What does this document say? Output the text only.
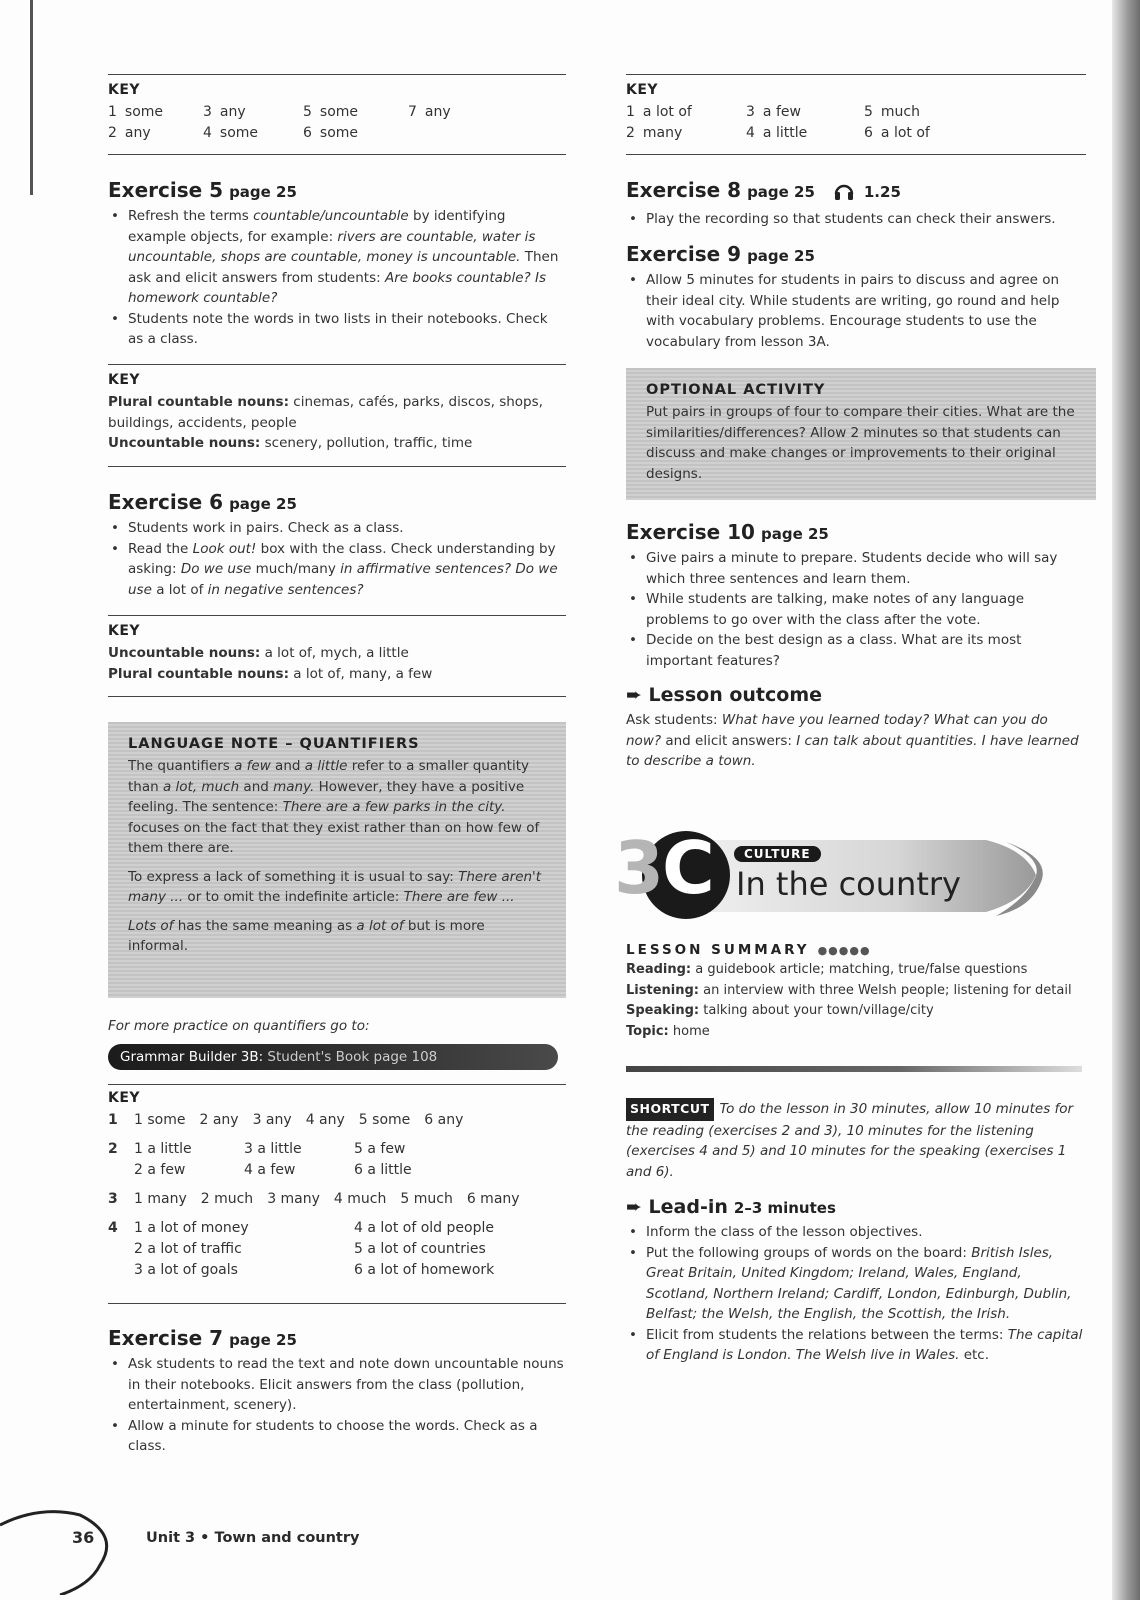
KEY
1 some	3 any	5 some	7 any
2 any	4 some	6 some
Exercise 5 page 25
• Refresh the terms countable/uncountable by identifying example objects, for example: rivers are countable, water is uncountable, shops are countable, money is uncountable. Then ask and elicit answers from students: Are books countable? Is homework countable?
• Students note the words in two lists in their notebooks. Check as a class.
KEY
Plural countable nouns: cinemas, cafés, parks, discos, shops, buildings, accidents, people
Uncountable nouns: scenery, pollution, traffic, time
Exercise 6 page 25
• Students work in pairs. Check as a class.
• Read the Look out! box with the class. Check understanding by asking: Do we use much/many in affirmative sentences? Do we use a lot of in negative sentences?
KEY
Uncountable nouns: a lot of, mych, a little
Plural countable nouns: a lot of, many, a few
LANGUAGE NOTE – QUANTIFIERS
The quantifiers a few and a little refer to a smaller quantity than a lot, much and many. However, they have a positive feeling. The sentence: There are a few parks in the city. focuses on the fact that they exist rather than on how few of them there are.
To express a lack of something it is usual to say: There aren't many ... or to omit the indefinite article: There are few ...
Lots of has the same meaning as a lot of but is more informal.
For more practice on quantifiers go to:
Grammar Builder 3B: Student's Book page 108
KEY
1 1 some 2 any 3 any 4 any 5 some 6 any
2 1 a little	3 a little	5 a few
2 a few	4 a few	6 a little
3 1 many 2 much 3 many 4 much 5 much 6 many
4 1 a lot of money	4 a lot of old people
2 a lot of traffic	5 a lot of countries
3 a lot of goals	6 a lot of homework
Exercise 7 page 25
• Ask students to read the text and note down uncountable nouns in their notebooks. Elicit answers from the class (pollution, entertainment, scenery).
• Allow a minute for students to choose the words. Check as a class.
KEY
1 a lot of	3 a few	5 much
2 many	4 a little	6 a lot of
Exercise 8 page 25	1.25
• Play the recording so that students can check their answers.
Exercise 9 page 25
• Allow 5 minutes for students in pairs to discuss and agree on their ideal city. While students are writing, go round and help with vocabulary problems. Encourage students to use the vocabulary from lesson 3A.
OPTIONAL ACTIVITY
Put pairs in groups of four to compare their cities. What are the similarities/differences? Allow 2 minutes so that students can discuss and make changes or improvements to their original designs.
Exercise 10 page 25
• Give pairs a minute to prepare. Students decide who will say which three sentences and learn them.
• While students are talking, make notes of any language problems to go over with the class after the vote.
• Decide on the best design as a class. What are its most important features?
➨ Lesson outcome
Ask students: What have you learned today? What can you do now? and elicit answers: I can talk about quantities. I have learned to describe a town.
3
C	CULTURE
In the country
LESSON SUMMARY ●●●●●
Reading: a guidebook article; matching, true/false questions
Listening: an interview with three Welsh people; listening for detail
Speaking: talking about your town/village/city
Topic: home
SHORTCUT To do the lesson in 30 minutes, allow 10 minutes for the reading (exercises 2 and 3), 10 minutes for the listening (exercises 4 and 5) and 10 minutes for the speaking (exercises 1 and 6).
➨ Lead-in 2–3 minutes
• Inform the class of the lesson objectives.
• Put the following groups of words on the board: British Isles, Great Britain, United Kingdom; Ireland, Wales, England, Scotland, Northern Ireland; Cardiff, London, Edinburgh, Dublin, Belfast; the Welsh, the English, the Scottish, the Irish.
• Elicit from students the relations between the terms: The capital of England is London. The Welsh live in Wales. etc.
36	Unit 3 • Town and country
